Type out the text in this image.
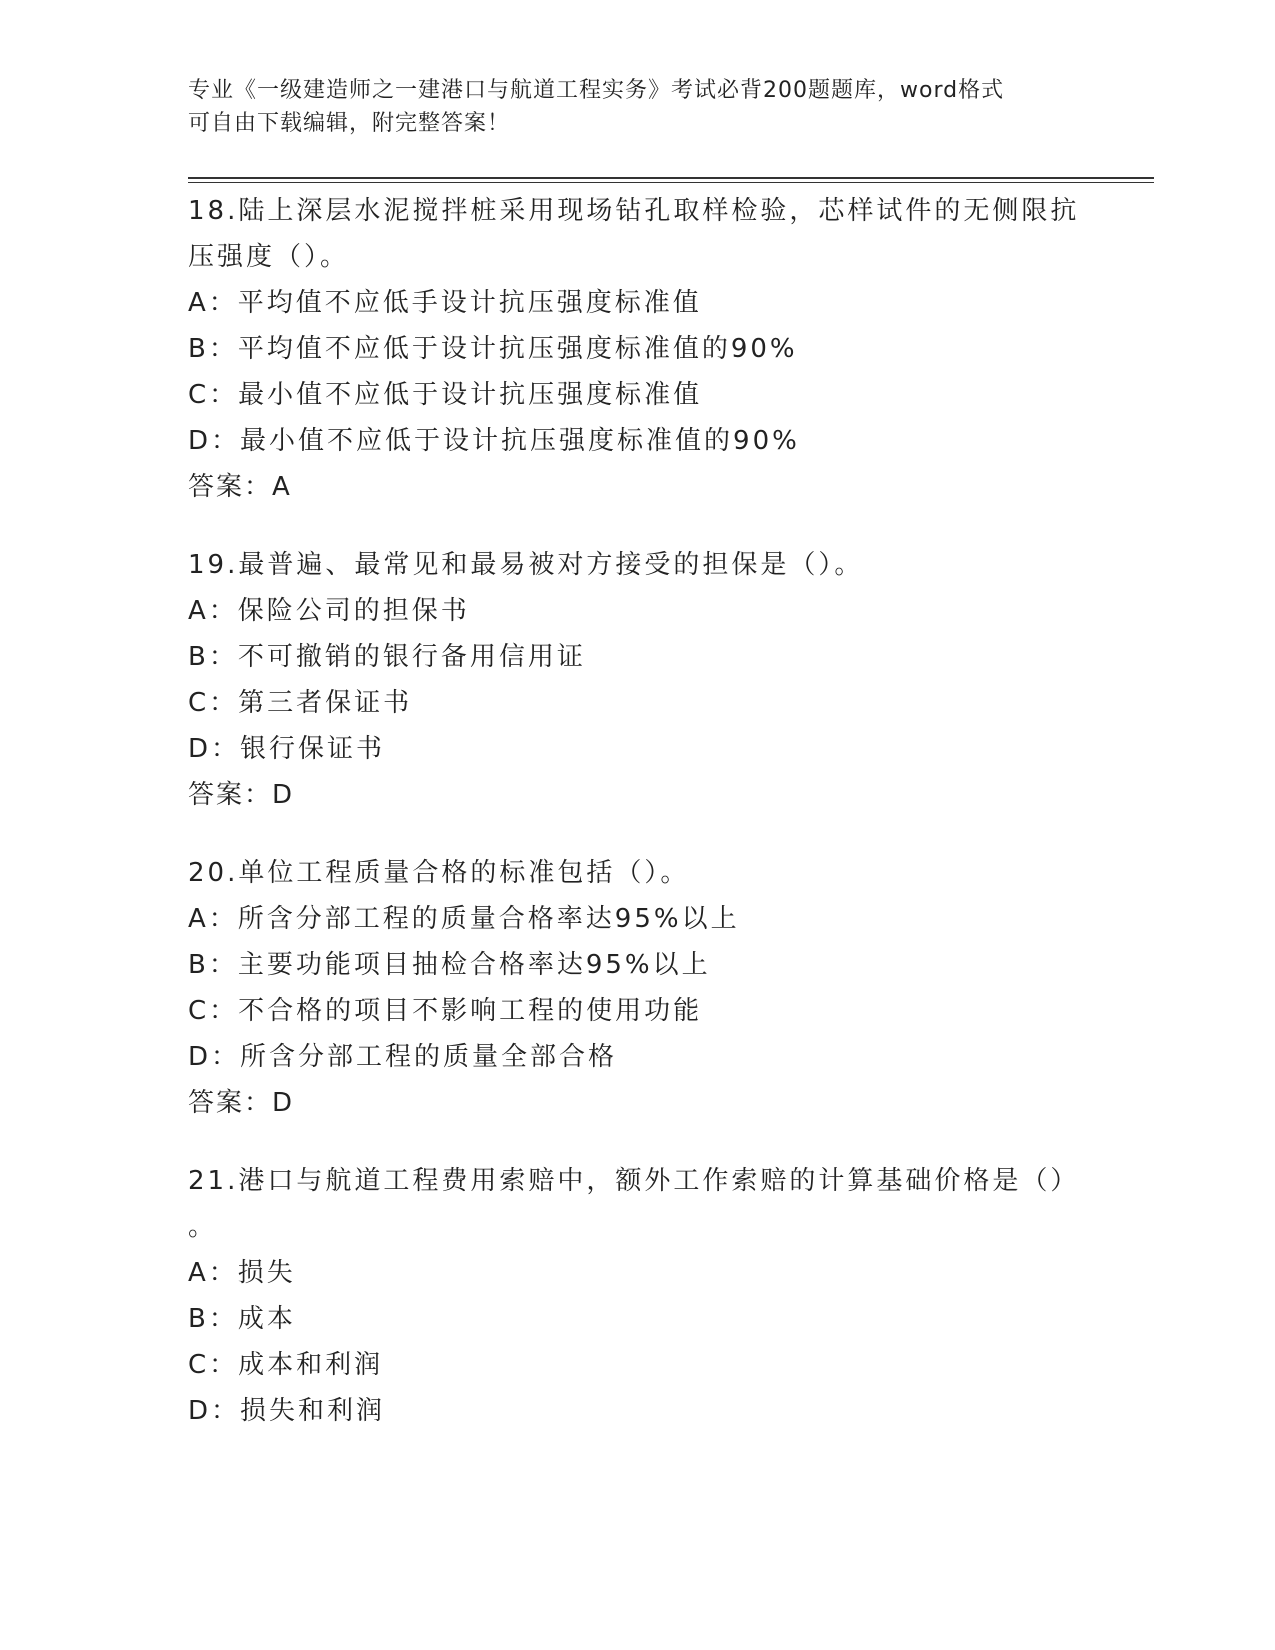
专业《一级建造师之一建港口与航道工程实务》考试必背200题题库，word格式
可自由下载编辑，附完整答案！

18.陆上深层水泥搅拌桩采用现场钻孔取样检验，芯样试件的无侧限抗
压强度（）。

A：平均值不应低手设计抗压强度标准值

B：平均值不应低于设计抗压强度标准值的90%

C：最小值不应低于设计抗压强度标准值

D：最小值不应低于设计抗压强度标准值的90%

答案：A

19.最普遍、最常见和最易被对方接受的担保是（）。

A：保险公司的担保书

B：不可撤销的银行备用信用证

C：第三者保证书

D：银行保证书

答案：D

20.单位工程质量合格的标准包括（）。

A：所含分部工程的质量合格率达95%以上

B：主要功能项目抽检合格率达95%以上

C：不合格的项目不影响工程的使用功能

D：所含分部工程的质量全部合格

答案：D

21.港口与航道工程费用索赔中，额外工作索赔的计算基础价格是（）
。

A：损失

B：成本

C：成本和利润

D：损失和利润
